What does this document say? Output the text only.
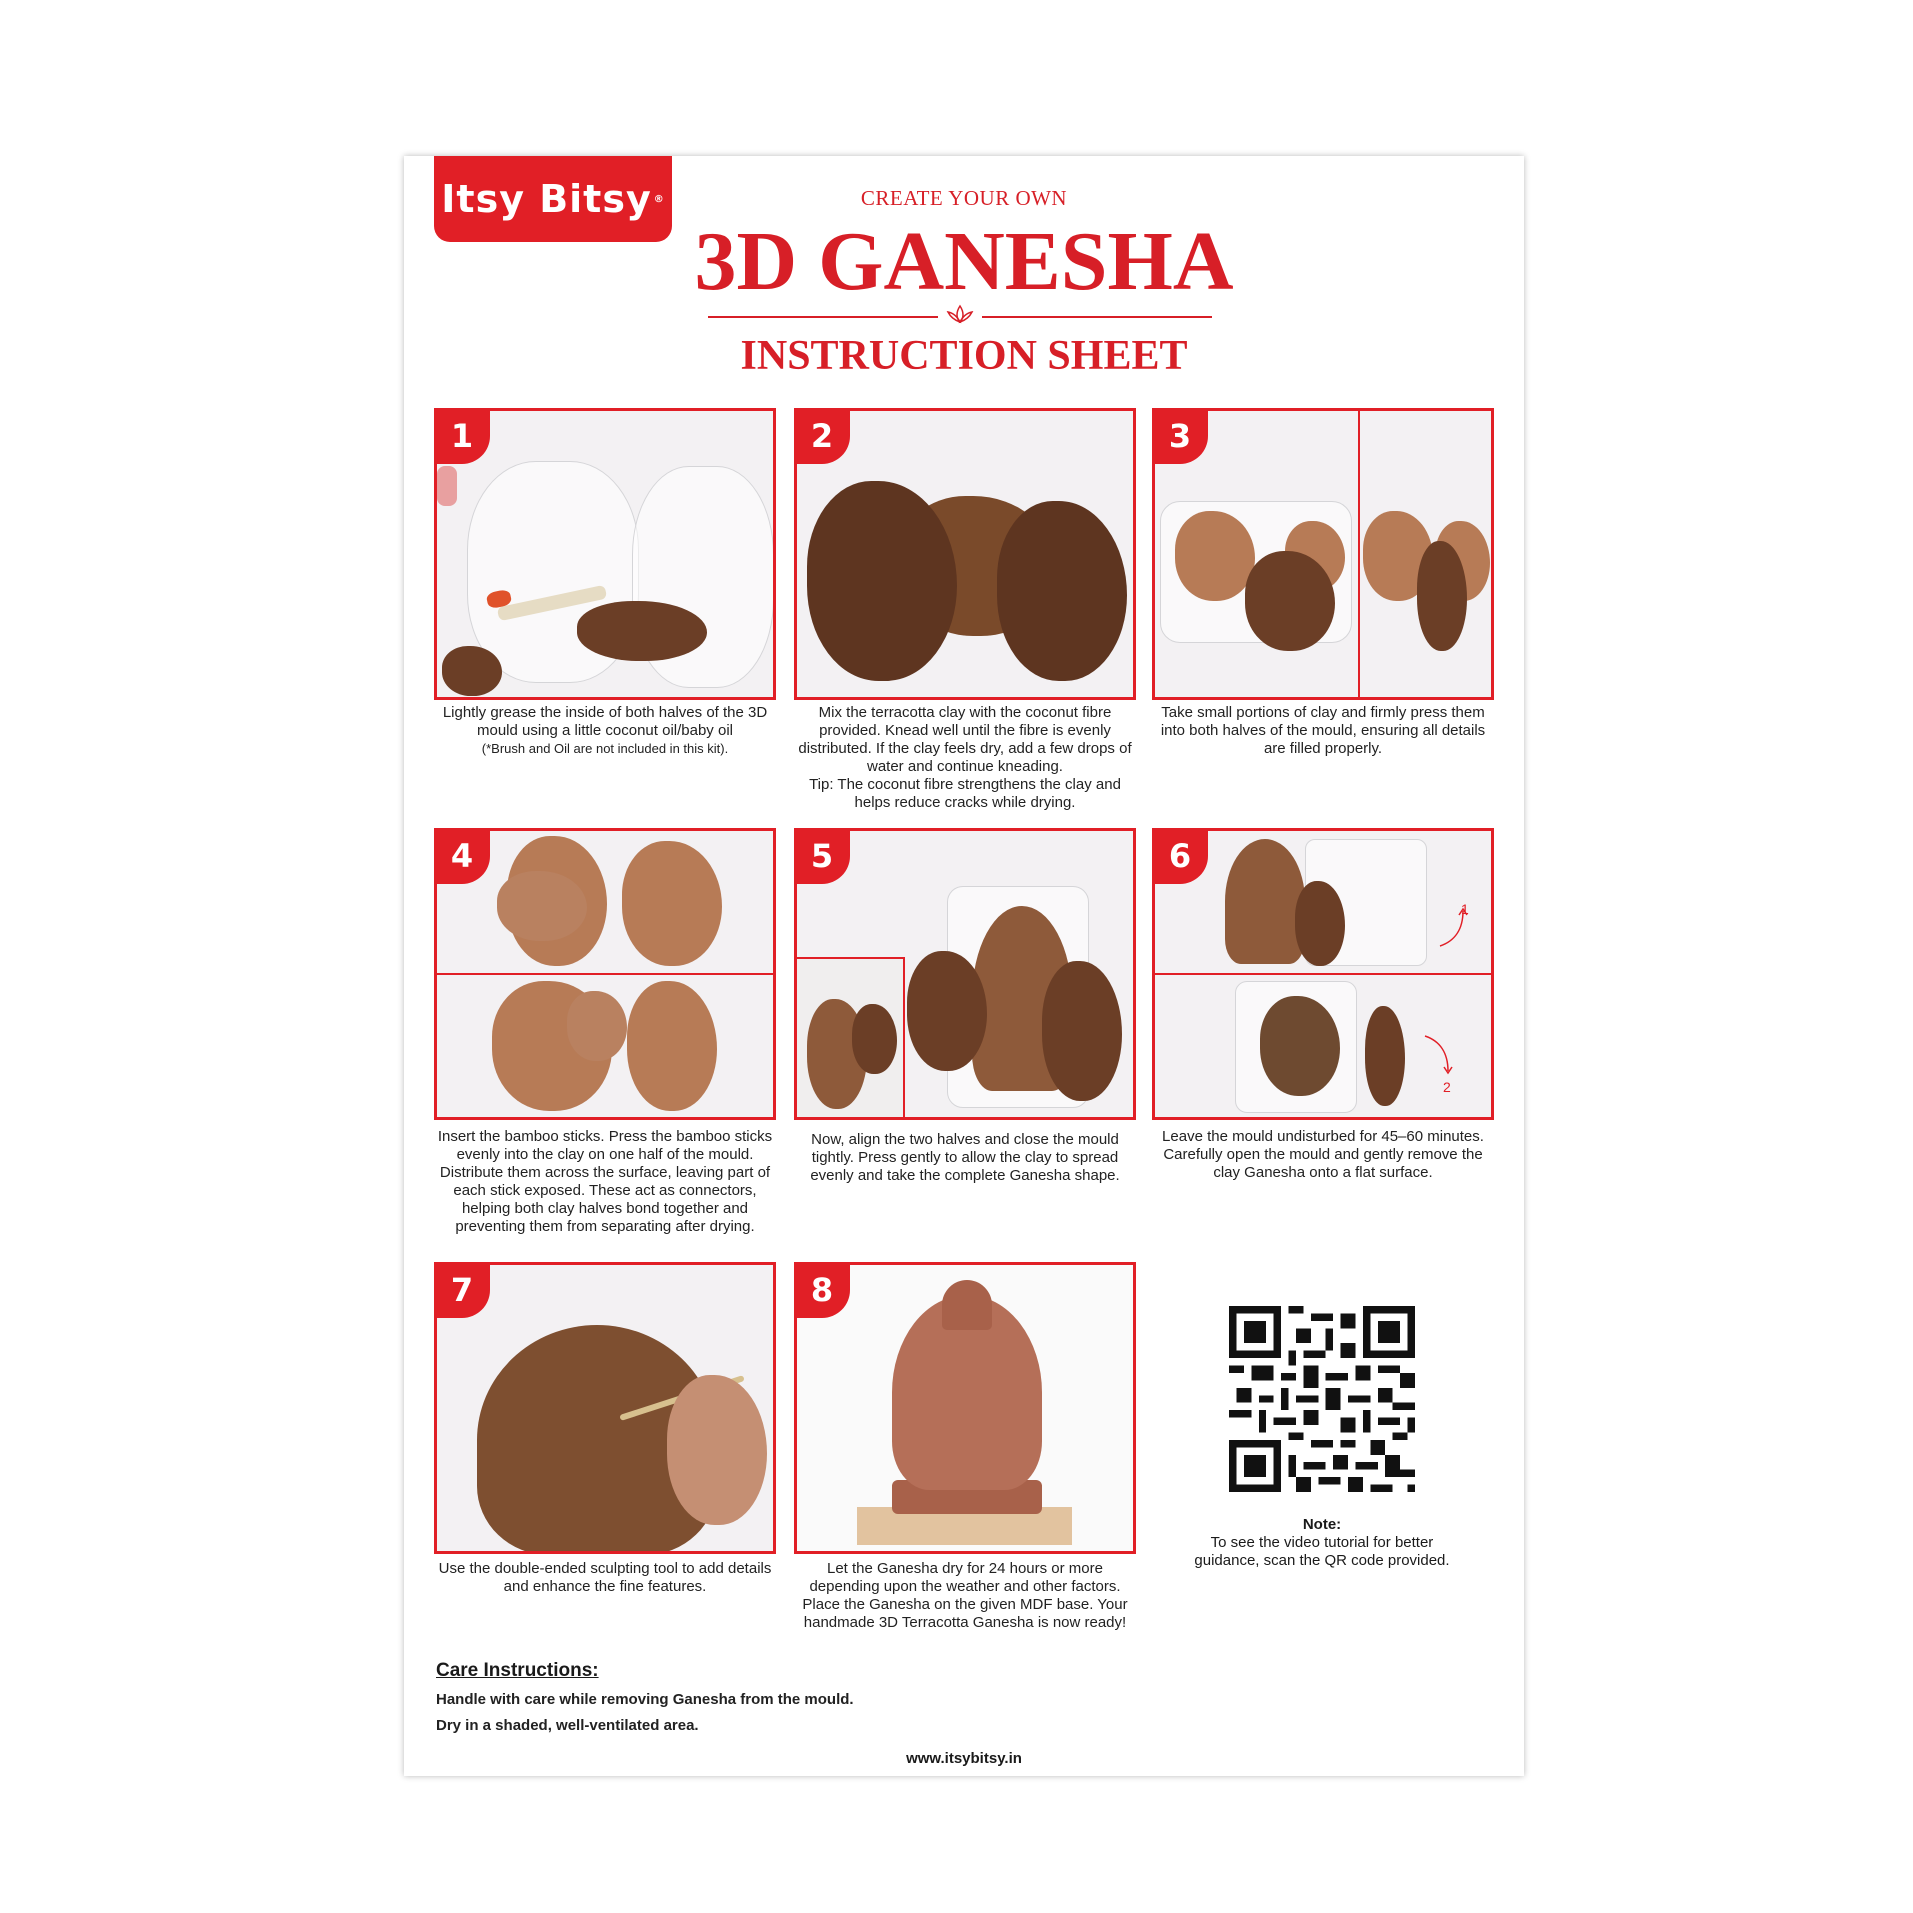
Itsy Bitsy ®	CREATE YOUR OWN
3D GANESHA
INSTRUCTION SHEET
1
Lightly grease the inside of both halves of the 3D mould using a little coconut oil/baby oil
(*Brush and Oil are not included in this kit).
2
Mix the terracotta clay with the coconut fibre provided. Knead well until the fibre is evenly distributed. If the clay feels dry, add a few drops of water and continue kneading.
Tip: The coconut fibre strengthens the clay and helps reduce cracks while drying.
3
Take small portions of clay and firmly press them into both halves of the mould, ensuring all details are filled properly.
4
Insert the bamboo sticks. Press the bamboo sticks evenly into the clay on one half of the mould. Distribute them across the surface, leaving part of each stick exposed. These act as connectors, helping both clay halves bond together and preventing them from separating after drying.
5
Now, align the two halves and close the mould tightly. Press gently to allow the clay to spread evenly and take the complete Ganesha shape.
6
1
2
Leave the mould undisturbed for 45–60 minutes. Carefully open the mould and gently remove the clay Ganesha onto a flat surface.
7
Use the double-ended sculpting tool to add details and enhance the fine features.
8
Let the Ganesha dry for 24 hours or more depending upon the weather and other factors. Place the Ganesha on the given MDF base. Your handmade 3D Terracotta Ganesha is now ready!
Note:
To see the video tutorial for better guidance, scan the QR code provided.
Care Instructions:
Handle with care while removing Ganesha from the mould.
Dry in a shaded, well-ventilated area.
www.itsybitsy.in
